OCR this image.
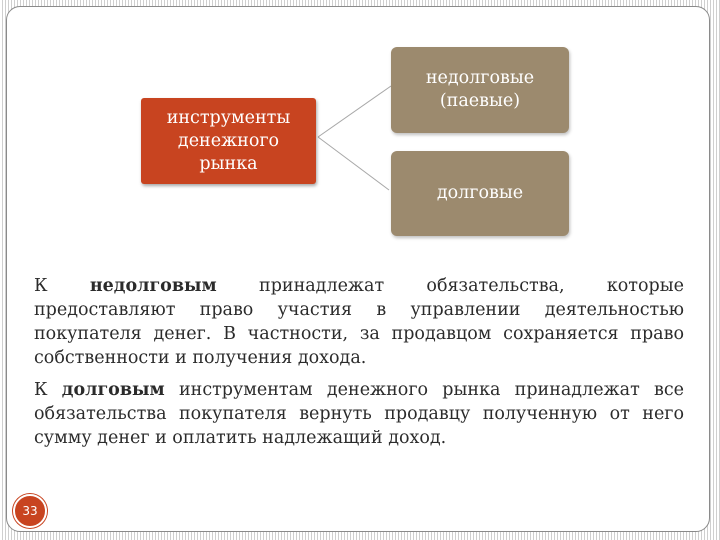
инструменты
денежного
рынка
недолговые
(паевые)
долговые

К недолговым принадлежат обязательства, которые предоставляют право участия в управлении деятельностью покупателя денег. В частности, за продавцом сохраняется право собственности и получения дохода.

К долговым инструментам денежного рынка принадлежат все обязательства покупателя вернуть продавцу полученную от него сумму денег и оплатить надлежащий доход.

33
